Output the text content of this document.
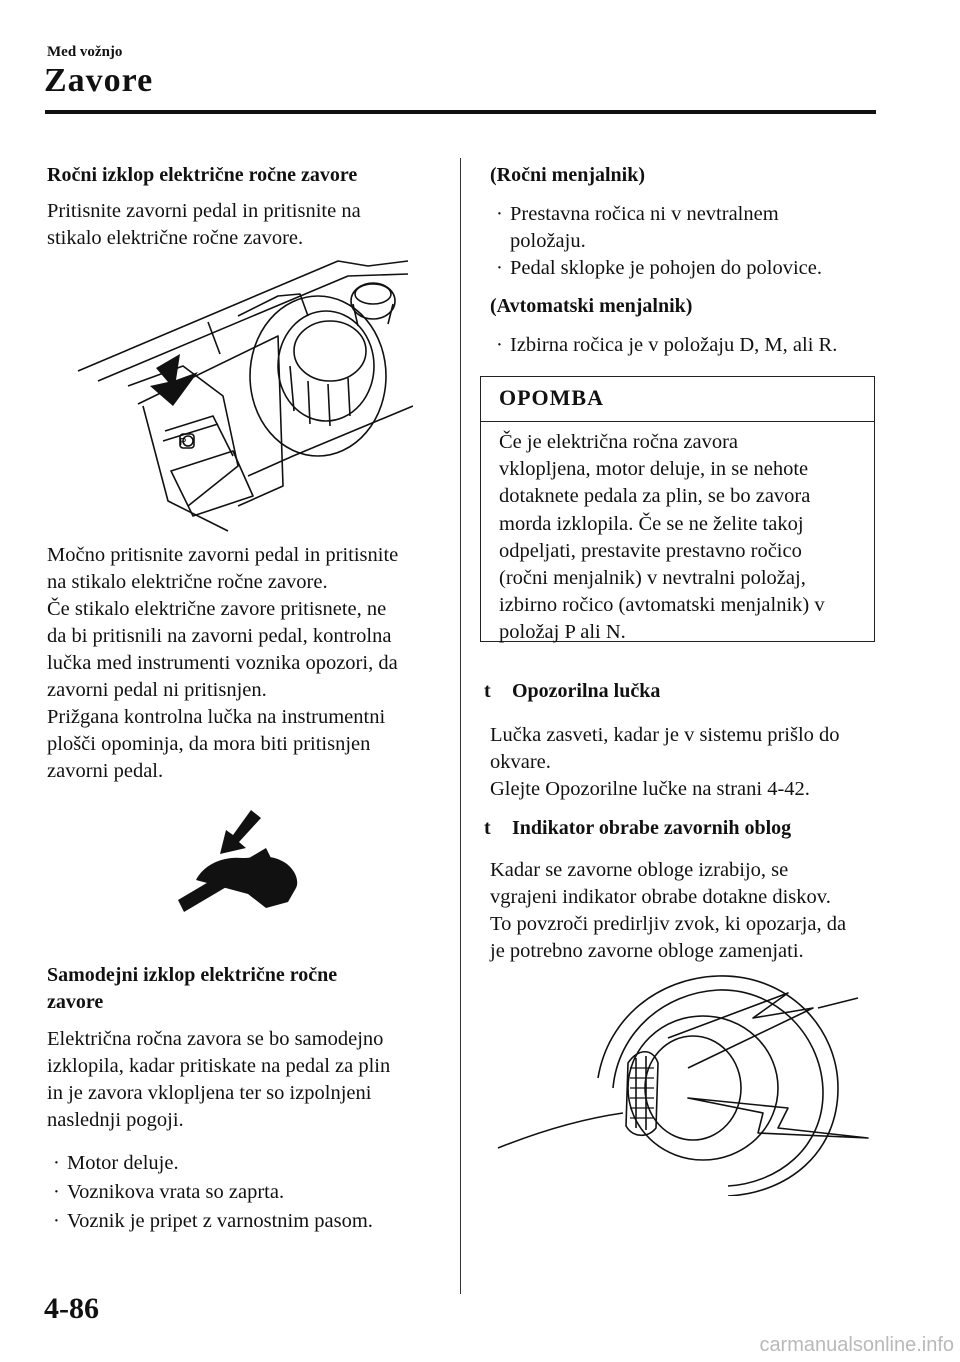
Med vožnjo
Zavore

Ročni izklop električne ročne zavore

Pritisnite zavorni pedal in pritisnite na

stikalo električne ročne zavore.

P

Močno pritisnite zavorni pedal in pritisnite

na stikalo električne ročne zavore.

Če stikalo električne zavore pritisnete, ne

da bi pritisnili na zavorni pedal, kontrolna

lučka med instrumenti voznika opozori, da

zavorni pedal ni pritisnjen.

Prižgana kontrolna lučka na instrumentni

plošči opominja, da mora biti pritisnjen

zavorni pedal.

Samodejni izklop električne ročne

zavore

Električna ročna zavora se bo samodejno

izklopila, kadar pritiskate na pedal za plin

in je zavora vklopljena ter so izpolnjeni

naslednji pogoji.

· Motor deluje.
· Voznikova vrata so zaprta.
· Voznik je pripet z varnostnim pasom.

(Ročni menjalnik)

· Prestavna ročica ni v nevtralnem
položaju.
· Pedal sklopke je pohojen do polovice.

(Avtomatski menjalnik)

· Izbirna ročica je v položaju D, M, ali R.
OPOMBA

Če je električna ročna zavora

vklopljena, motor deluje, in se nehote

dotaknete pedala za plin, se bo zavora

morda izklopila. Če se ne želite takoj

odpeljati, prestavite prestavno ročico

(ročni menjalnik) v nevtralni položaj,

izbirno ročico (avtomatski menjalnik) v

položaj P ali N.

t Opozorilna lučka

Lučka zasveti, kadar je v sistemu prišlo do

okvare.

Glejte Opozorilne lučke na strani 4-42.

t Indikator obrabe zavornih oblog

Kadar se zavorne obloge izrabijo, se

vgrajeni indikator obrabe dotakne diskov.

To povzroči predirljiv zvok, ki opozarja, da

je potrebno zavorne obloge zamenjati.

4-86
carmanualsonline.info
